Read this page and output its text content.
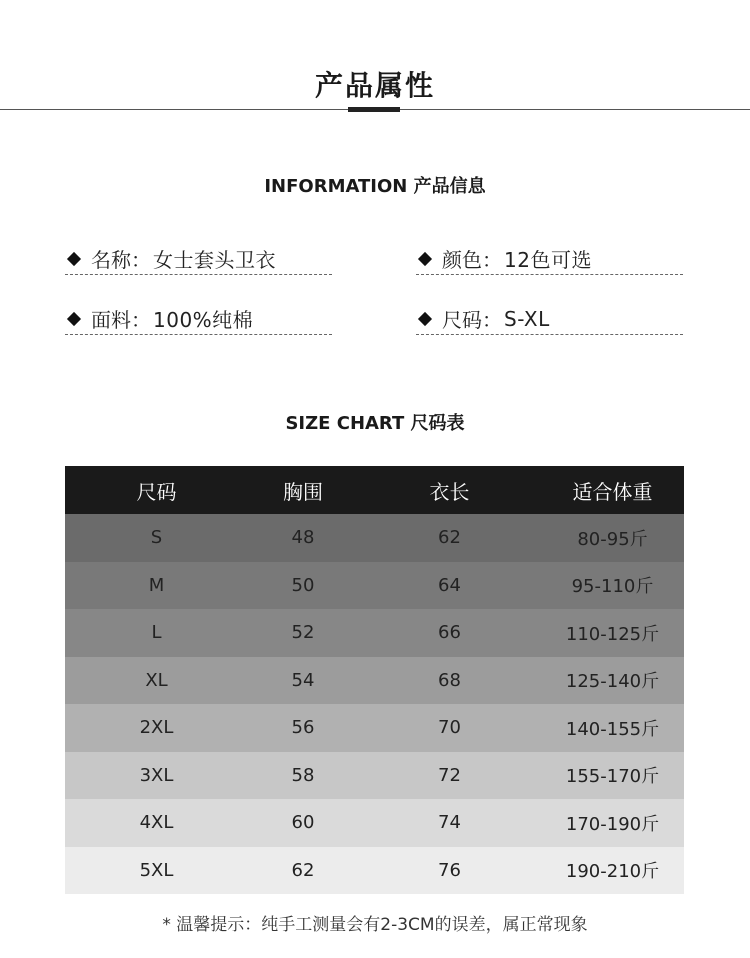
产品属性
INFORMATION 产品信息
名称： 女士套头卫衣	颜色： 12色可选
面料： 100%纯棉	尺码： S-XL
SIZE CHART 尺码表
尺码	胸围	衣长	适合体重
S	48	62	80-95斤
M	50	64	95-110斤
L	52	66	110-125斤
XL	54	68	125-140斤
2XL	56	70	140-155斤
3XL	58	72	155-170斤
4XL	60	74	170-190斤
5XL	62	76	190-210斤
* 温馨提示：纯手工测量会有2-3CM的误差，属正常现象
